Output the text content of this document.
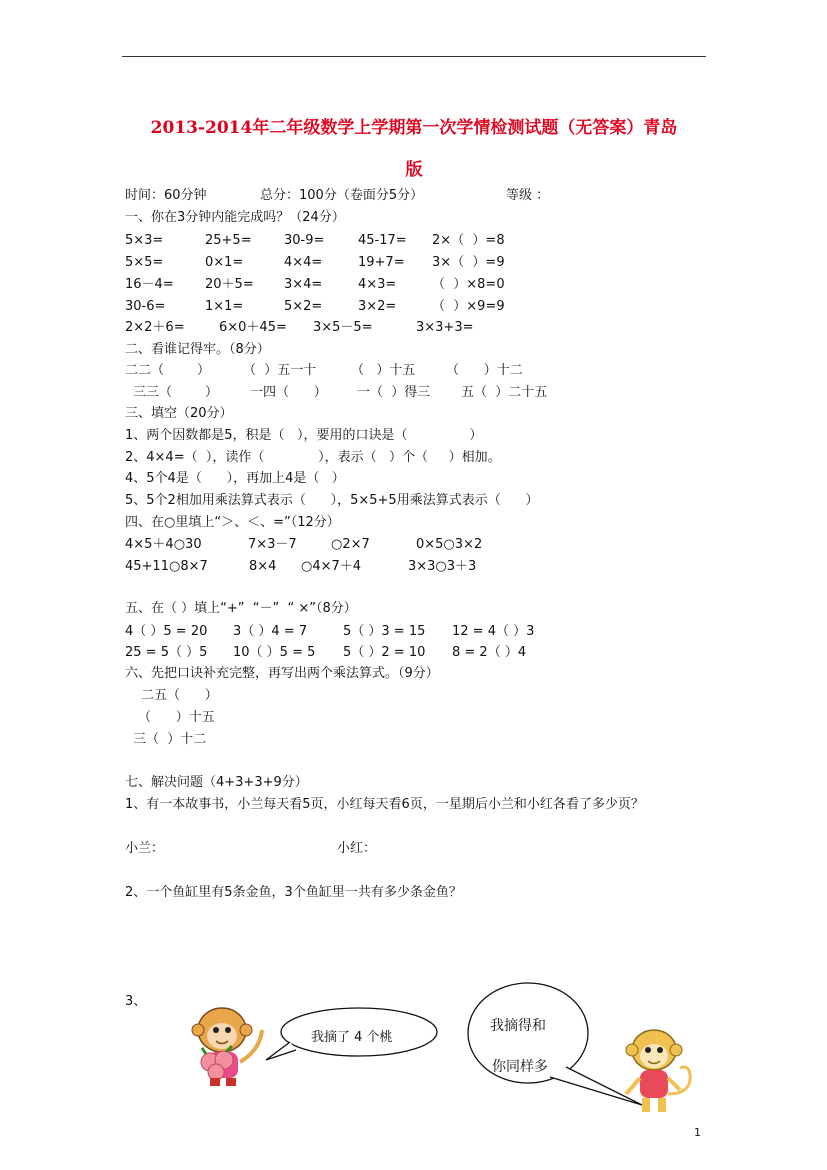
2013-2014年二年级数学上学期第一次学情检测试题（无答案）青岛
版
时间：60分钟	总分：100分（卷面分5分）	等级 ：
一、你在3分钟内能完成吗？（24分）
5×3=	25+5= 30-9=	45-17= 2×（  ）=8
5×5=	0×1=	4×4=	19+7= 3×（  ）=9
16－4= 20＋5= 3×4=	4×3=	（  ）×8=0
30-6=	1×1=	5×2=	3×2=	（  ）×9=9
2×2＋6=	6×0＋45= 3×5－5=	3×3+3=
二、看谁记得牢。（8分）
二二（        ）	（  ）五一十	（   ）十五 （      ）十二
三三（        ） 一四（      ） 一（  ）得三 五（  ）二十五
三、填空（20分）
1、两个因数都是5，积是（   ），要用的口诀是（               ）
2、4×4=（  ），读作（             ），表示（   ）个（     ）相加。
4、5个4是（      ），再加上4是（   ）
5、5个2相加用乘法算式表示（      ），5×5+5用乘法算式表示（      ）
四、在○里填上“＞、＜、=”（12分）
4×5＋4○30	7×3－7	○2×7	0×5○3×2
45+11○8×7	8×4 ○4×7＋4	3×3○3＋3
五、在（ ）填上“+”  “－”  “ ×”（8分）
4（ ）5 = 20 3（ ）4 = 7	5（ ）3 = 15 12 = 4（ ）3
25 = 5（ ）5 10（ ）5 = 5 5（ ）2 = 10 8 = 2（ ）4
六、先把口诀补充完整，再写出两个乘法算式。（9分）
二五（      ）
（      ）十五
三（  ）十二
七、解决问题（4+3+3+9分）
1、有一本故事书，小兰每天看5页，小红每天看6页，一星期后小兰和小红各看了多少页？
小兰：	小红：
2、一个鱼缸里有5条金鱼，3个鱼缸里一共有多少条金鱼？
3、
我摘了 4 个桃
我摘得和
你同样多
1
